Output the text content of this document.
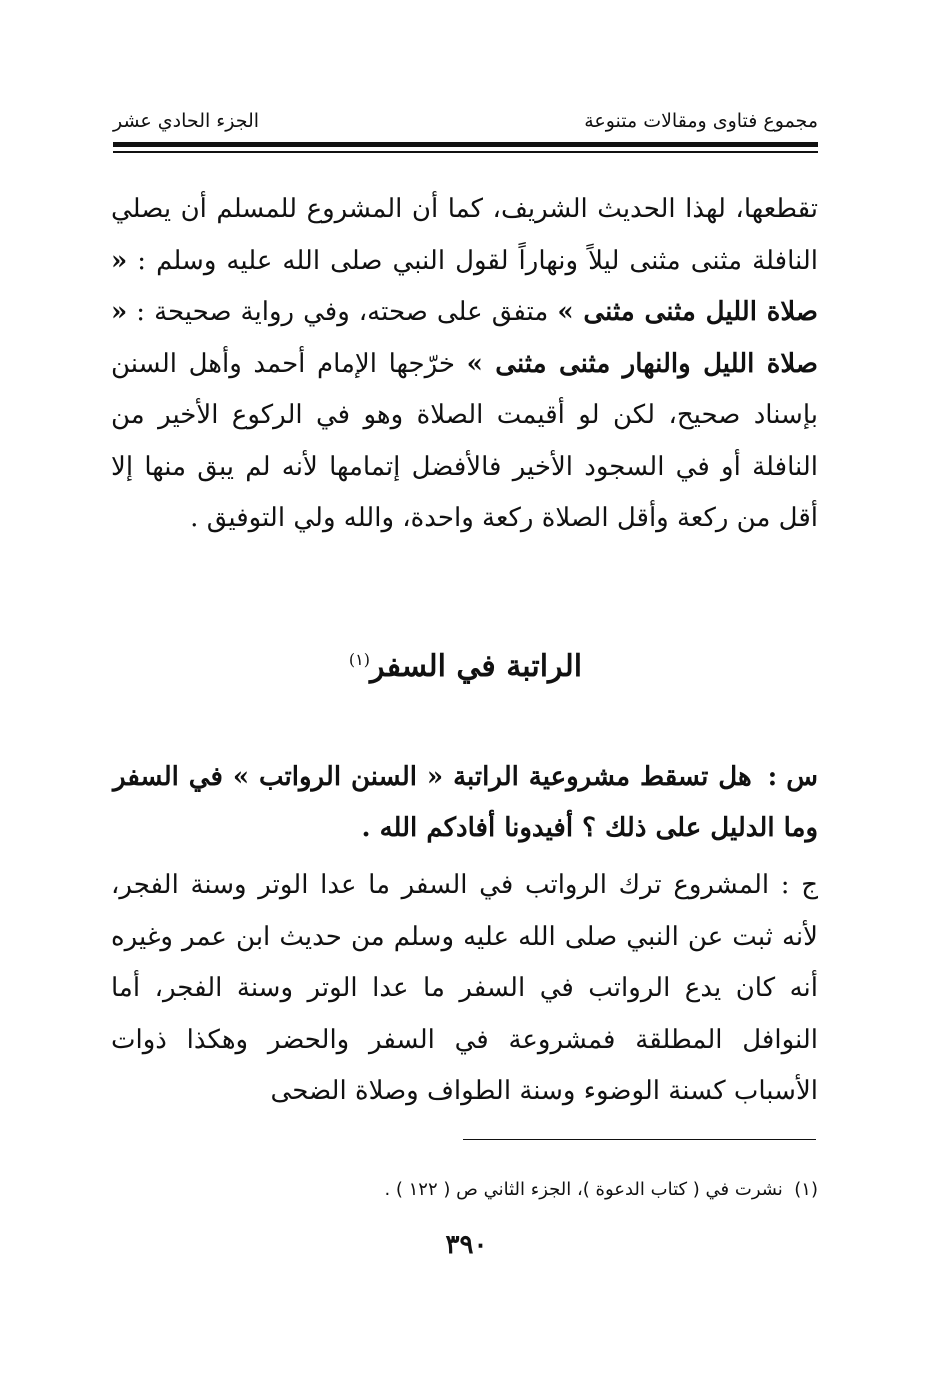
مجموع فتاوى ومقالات متنوعة
الجزء الحادي عشر

تقطعها، لهذا الحديث الشريف، كما أن المشروع للمسلم أن يصلي النافلة مثنى مثنى ليلاً ونهاراً لقول النبي صلى الله عليه وسلم : « صلاة الليل مثنى مثنى » متفق على صحته، وفي رواية صحيحة : « صلاة الليل والنهار مثنى مثنى » خرّجها الإمام أحمد وأهل السنن بإسناد صحيح، لكن لو أقيمت الصلاة وهو في الركوع الأخير من النافلة أو في السجود الأخير فالأفضل إتمامها لأنه لم يبق منها إلا أقل من ركعة وأقل الصلاة ركعة واحدة، والله ولي التوفيق .

الراتبة في السفر$^{(١)}$

س : هل تسقط مشروعية الراتبة « السنن الرواتب » في السفر وما الدليل على ذلك ؟ أفيدونا أفادكم الله .

ج : المشروع ترك الرواتب في السفر ما عدا الوتر وسنة الفجر، لأنه ثبت عن النبي صلى الله عليه وسلم من حديث ابن عمر وغيره أنه كان يدع الرواتب في السفر ما عدا الوتر وسنة الفجر، أما النوافل المطلقة فمشروعة في السفر والحضر وهكذا ذوات الأسباب كسنة الوضوء وسنة الطواف وصلاة الضحى

(١)  نشرت في ( كتاب الدعوة )، الجزء الثاني ص ( ١٢٢ ) .

٣٩٠
